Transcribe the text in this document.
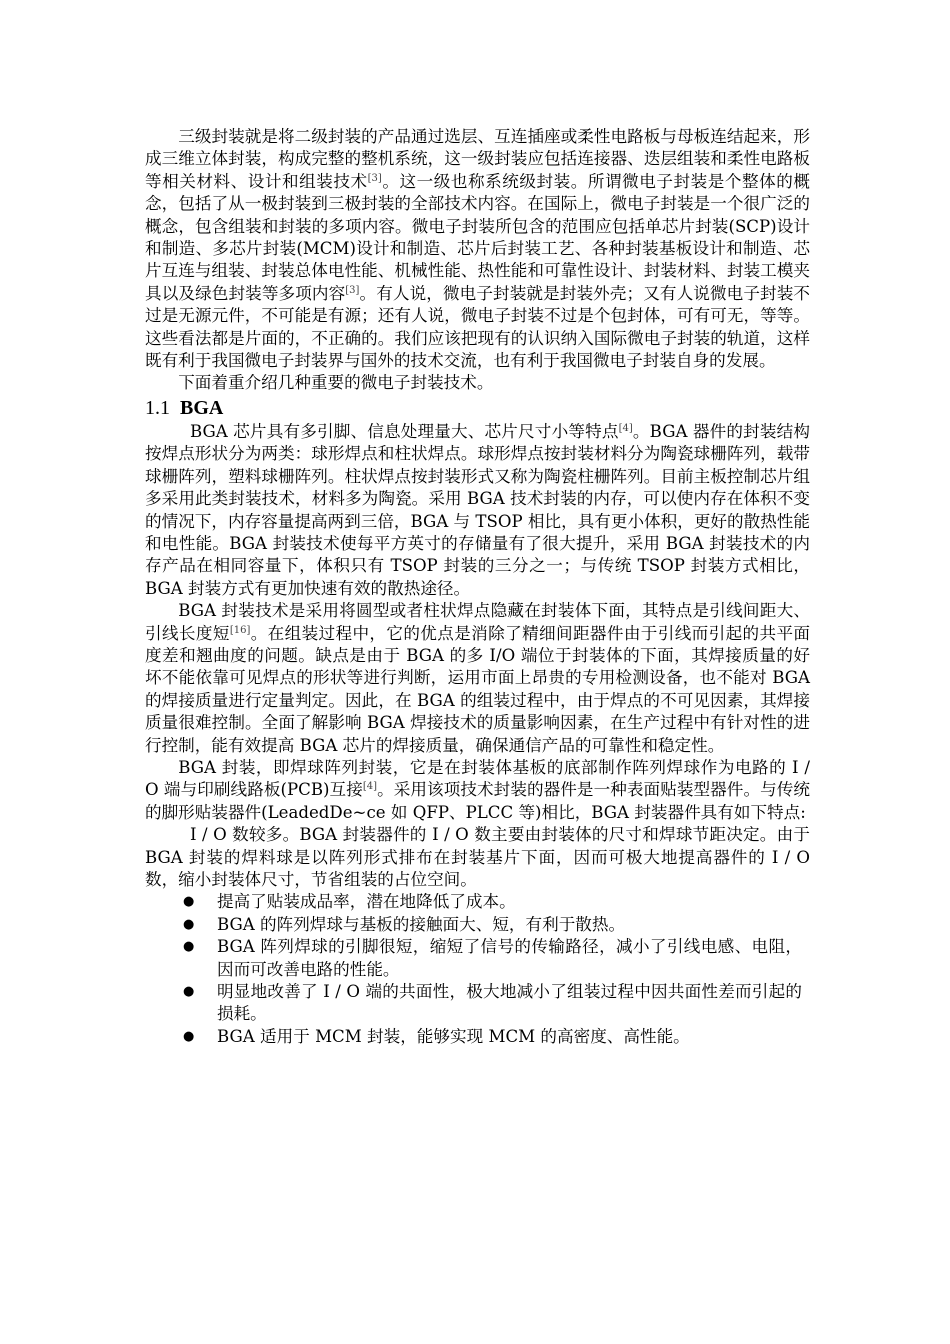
三级封装就是将二级封装的产品通过选层、互连插座或柔性电路板与母板连结起来，形成三维立体封装，构成完整的整机系统，这一级封装应包括连接器、迭层组装和柔性电路板等相关材料、设计和组装技术[3]。这一级也称系统级封装。所谓微电子封装是个整体的概念，包括了从一极封装到三极封装的全部技术内容。在国际上，微电子封装是一个很广泛的概念，包含组装和封装的多项内容。微电子封装所包含的范围应包括单芯片封装(SCP)设计和制造、多芯片封装(MCM)设计和制造、芯片后封装工艺、各种封装基板设计和制造、芯片互连与组装、封装总体电性能、机械性能、热性能和可靠性设计、封装材料、封装工模夹具以及绿色封装等多项内容[3]。有人说，微电子封装就是封装外壳；又有人说微电子封装不过是无源元件，不可能是有源；还有人说，微电子封装不过是个包封体，可有可无，等等。这些看法都是片面的，不正确的。我们应该把现有的认识纳入国际微电子封装的轨道，这样既有利于我国微电子封装界与国外的技术交流，也有利于我国微电子封装自身的发展。

下面着重介绍几种重要的微电子封装技术。

1.1 BGA

BGA 芯片具有多引脚、信息处理量大、芯片尺寸小等特点[4]。BGA 器件的封装结构按焊点形状分为两类：球形焊点和柱状焊点。球形焊点按封装材料分为陶瓷球栅阵列，载带球栅阵列，塑料球栅阵列。柱状焊点按封装形式又称为陶瓷柱栅阵列。目前主板控制芯片组多采用此类封装技术，材料多为陶瓷。采用 BGA 技术封装的内存，可以使内存在体积不变的情况下，内存容量提高两到三倍，BGA 与 TSOP 相比，具有更小体积，更好的散热性能和电性能。BGA 封装技术使每平方英寸的存储量有了很大提升，采用 BGA 封装技术的内存产品在相同容量下，体积只有 TSOP 封装的三分之一；与传统 TSOP 封装方式相比，BGA 封装方式有更加快速有效的散热途径。

BGA 封装技术是采用将圆型或者柱状焊点隐藏在封装体下面，其特点是引线间距大、引线长度短[16]。在组装过程中，它的优点是消除了精细间距器件由于引线而引起的共平面度差和翘曲度的问题。缺点是由于 BGA 的多 I/O 端位于封装体的下面，其焊接质量的好坏不能依靠可见焊点的形状等进行判断，运用市面上昂贵的专用检测设备，也不能对 BGA 的焊接质量进行定量判定。因此，在 BGA 的组装过程中，由于焊点的不可见因素，其焊接质量很难控制。全面了解影响 BGA 焊接技术的质量影响因素，在生产过程中有针对性的进行控制，能有效提高 BGA 芯片的焊接质量，确保通信产品的可靠性和稳定性。

BGA 封装，即焊球阵列封装，它是在封装体基板的底部制作阵列焊球作为电路的 I / O 端与印刷线路板(PCB)互接[4]。采用该项技术封装的器件是一种表面贴装型器件。与传统的脚形贴装器件(LeadedDe~ce 如 QFP、PLCC 等)相比，BGA 封装器件具有如下特点:

I / O 数较多。BGA 封装器件的 I / O 数主要由封装体的尺寸和焊球节距决定。由于 BGA 封装的焊料球是以阵列形式排布在封装基片下面，因而可极大地提高器件的 I / O 数，缩小封装体尺寸，节省组装的占位空间。

● 提高了贴装成品率，潜在地降低了成本。
● BGA 的阵列焊球与基板的接触面大、短，有利于散热。
● BGA 阵列焊球的引脚很短，缩短了信号的传输路径，减小了引线电感、电阻，因而可改善电路的性能。
● 明显地改善了 I / O 端的共面性，极大地减小了组装过程中因共面性差而引起的损耗。
● BGA 适用于 MCM 封装，能够实现 MCM 的高密度、高性能。
